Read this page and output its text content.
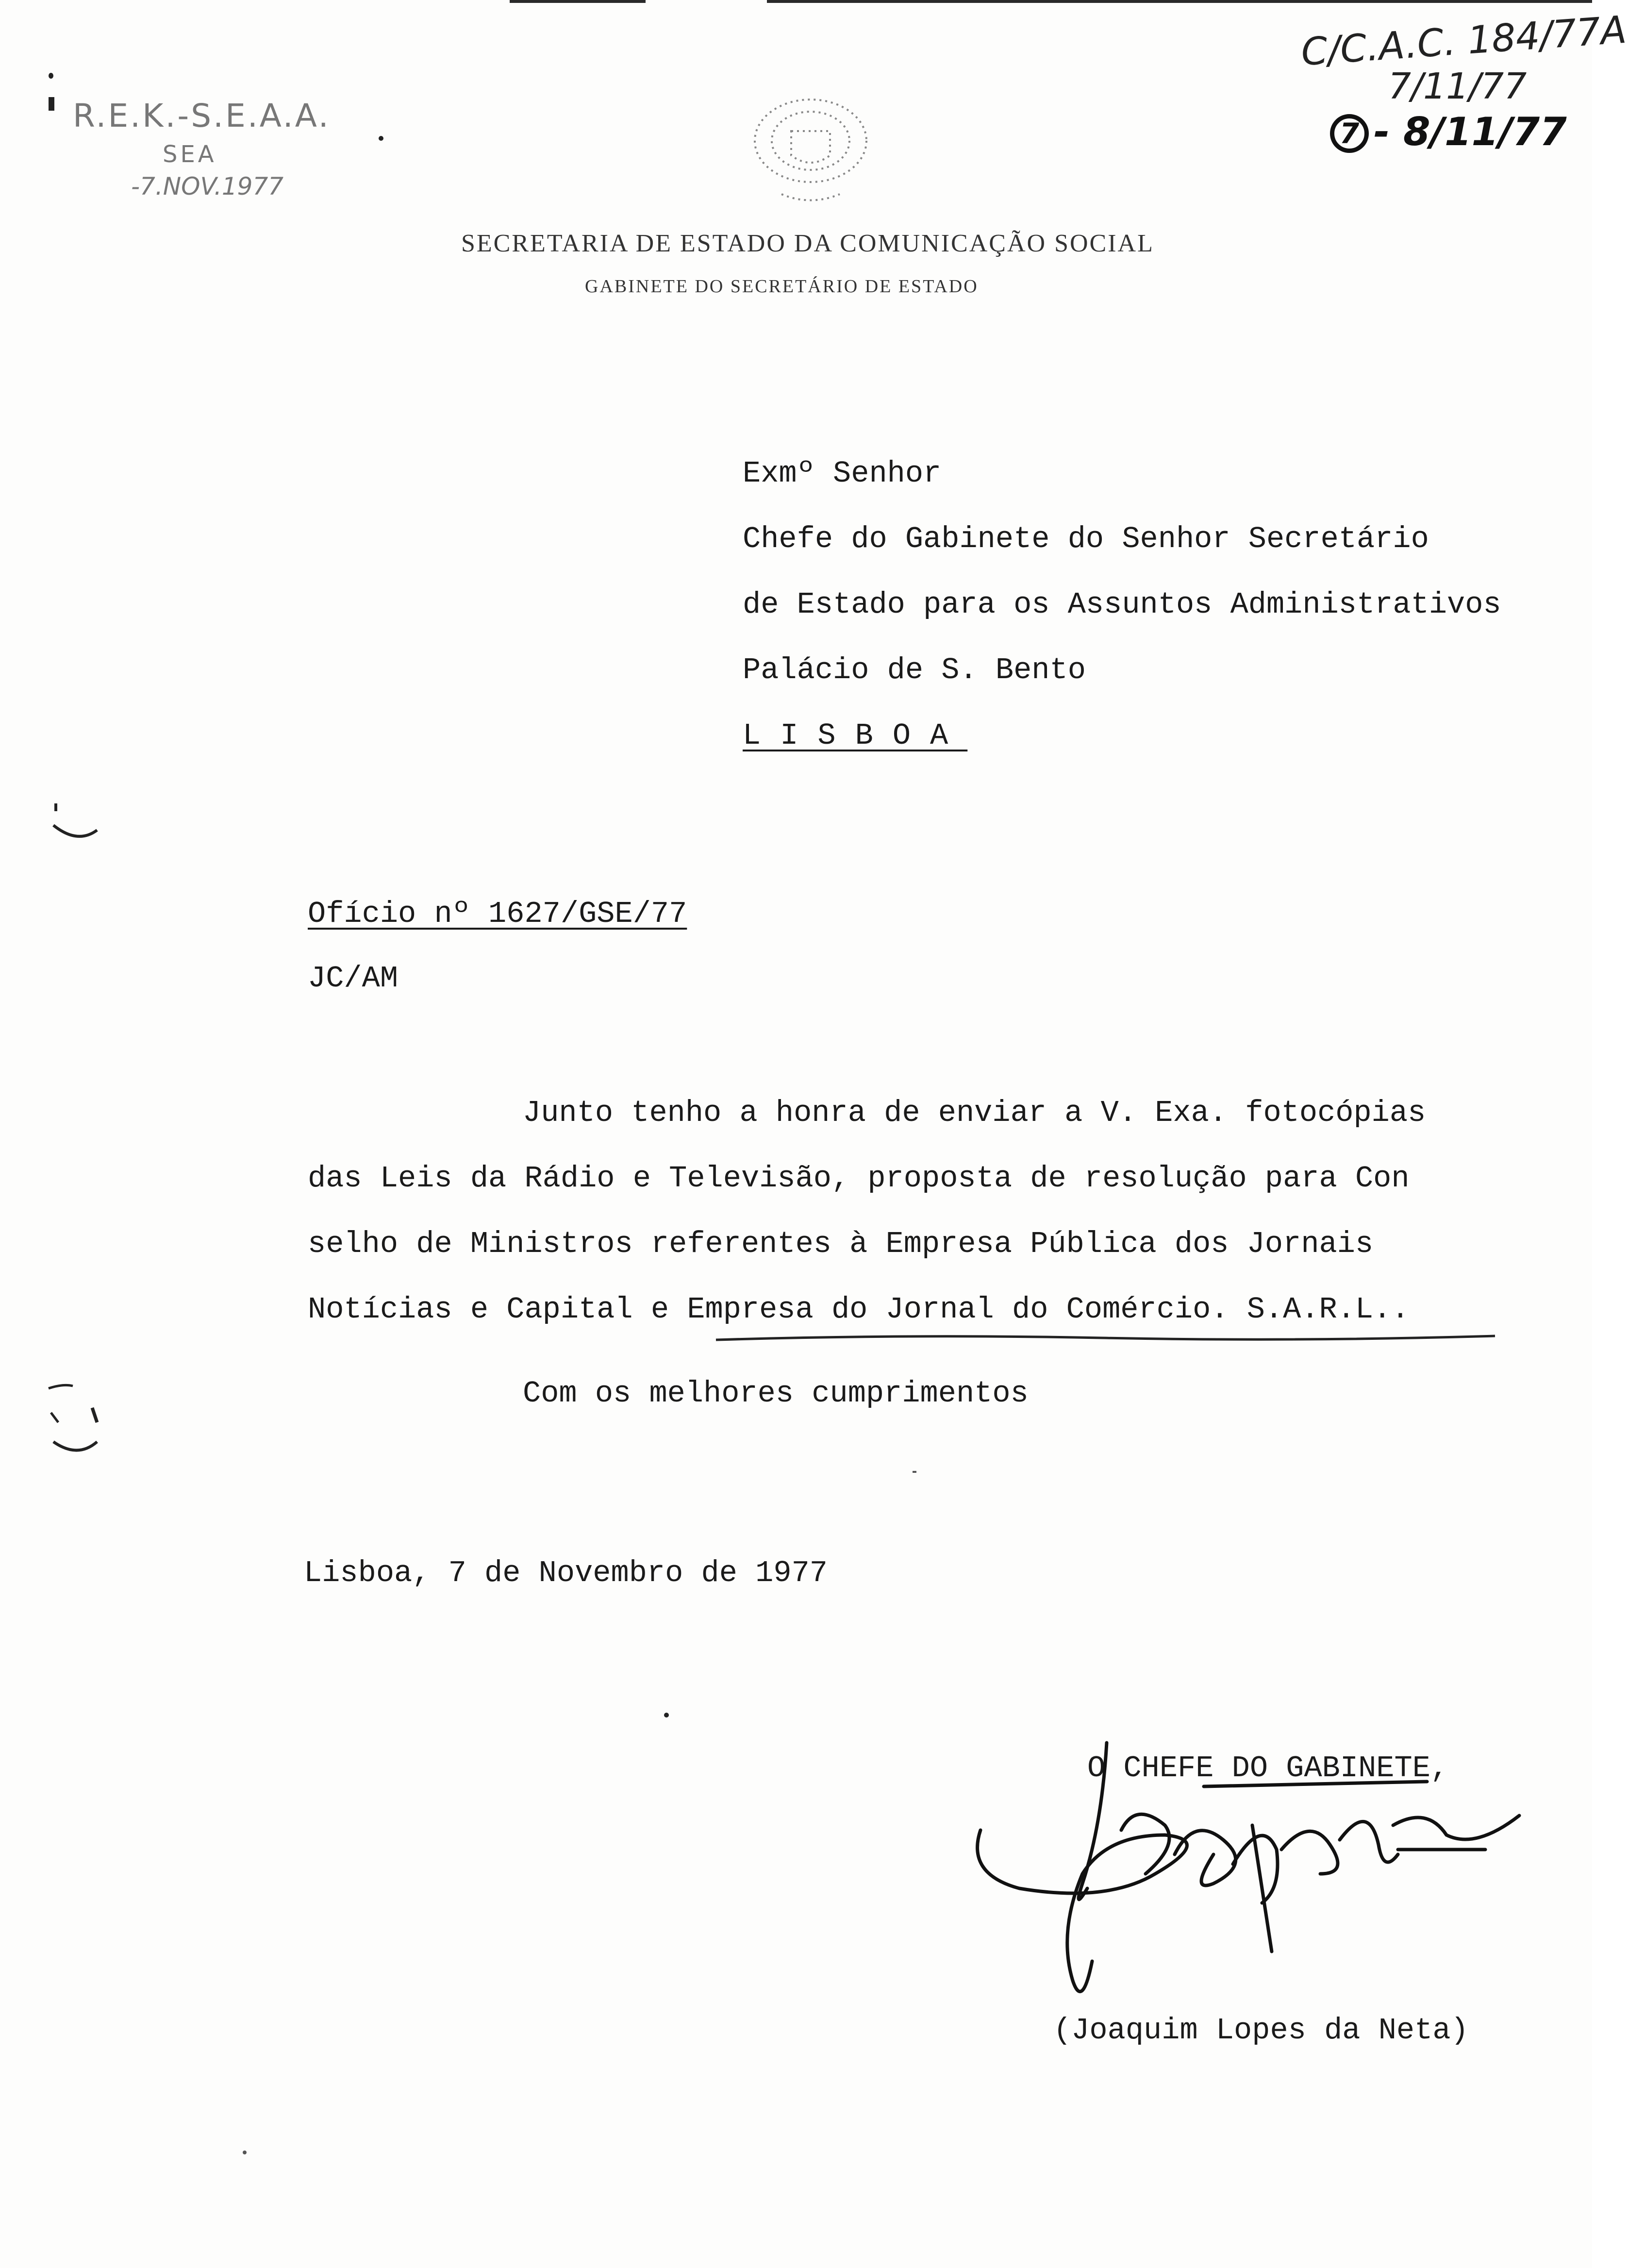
R.E.K.-S.E.A.A.
SEA
-7.NOV.1977
C/C.A.C. 184/77A
7/11/77
7 - 8/11/77
SECRETARIA DE ESTADO DA COMUNICAÇÃO SOCIAL
GABINETE DO SECRETÁRIO DE ESTADO
Exmº Senhor
Chefe do Gabinete do Senhor Secretário
de Estado para os Assuntos Administrativos
Palácio de S. Bento
LISBOA
Ofício nº 1627/GSE/77
JC/AM
Junto tenho a honra de enviar a V. Exa. fotocópias
das Leis da Rádio e Televisão, proposta de resolução para Con
selho de Ministros referentes à Empresa Pública dos Jornais
Notícias e Capital e Empresa do Jornal do Comércio. S.A.R.L..
Com os melhores cumprimentos
Lisboa, 7 de Novembro de 1977
O CHEFE DO GABINETE,
(Joaquim Lopes da Neta)
